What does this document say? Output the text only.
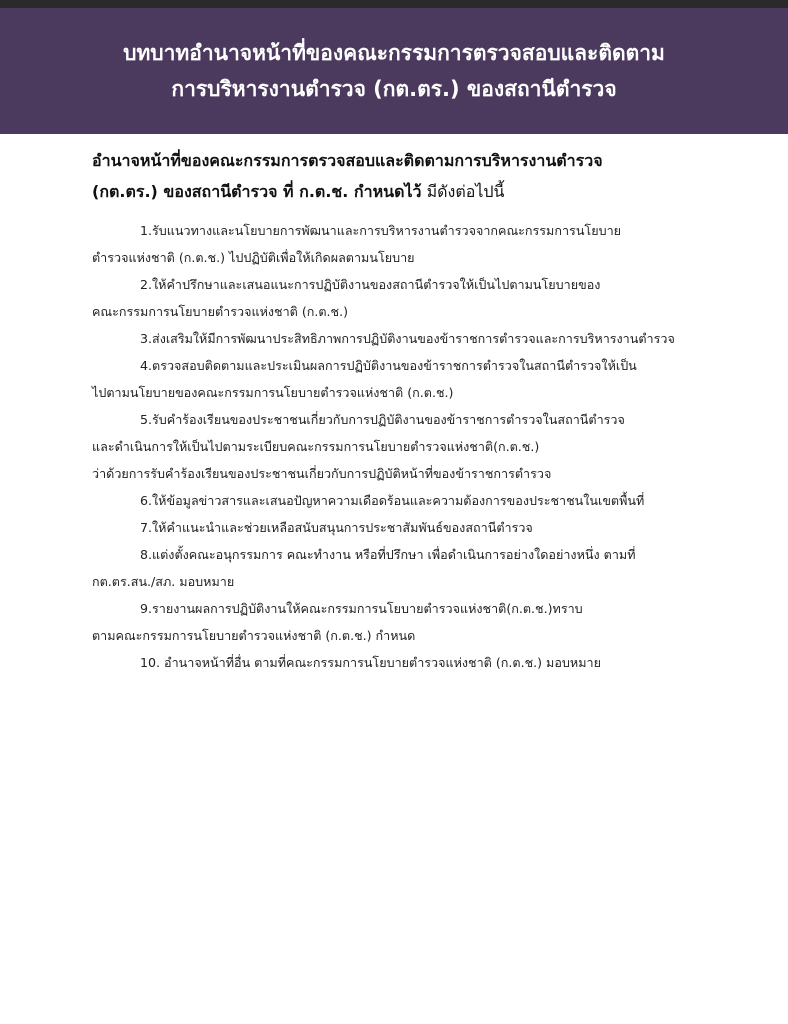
บทบาทอำนาจหน้าที่ของคณะกรรมการตรวจสอบและติดตาม
การบริหารงานตำรวจ (กต.ตร.) ของสถานีตำรวจ
อำนาจหน้าที่ของคณะกรรมการตรวจสอบและติดตามการบริหารงานตำรวจ
(กต.ตร.) ของสถานีตำรวจ ที่ ก.ต.ช. กำหนดไว้ มีดังต่อไปนี้
1.รับแนวทางและนโยบายการพัฒนาและการบริหารงานตำรวจจากคณะกรรมการนโยบาย
ตำรวจแห่งชาติ (ก.ต.ช.) ไปปฏิบัติเพื่อให้เกิดผลตามนโยบาย
2.ให้คำปรึกษาและเสนอแนะการปฏิบัติงานของสถานีตำรวจให้เป็นไปตามนโยบายของ
คณะกรรมการนโยบายตำรวจแห่งชาติ (ก.ต.ช.)
3.ส่งเสริมให้มีการพัฒนาประสิทธิภาพการปฏิบัติงานของข้าราชการตำรวจและการบริหารงานตำรวจ
4.ตรวจสอบติดตามและประเมินผลการปฏิบัติงานของข้าราชการตำรวจในสถานีตำรวจให้เป็น
ไปตามนโยบายของคณะกรรมการนโยบายตำรวจแห่งชาติ (ก.ต.ช.)
5.รับคำร้องเรียนของประชาชนเกี่ยวกับการปฏิบัติงานของข้าราชการตำรวจในสถานีตำรวจ
และดำเนินการให้เป็นไปตามระเบียบคณะกรรมการนโยบายตำรวจแห่งชาติ(ก.ต.ช.)
ว่าด้วยการรับคำร้องเรียนของประชาชนเกี่ยวกับการปฏิบัติหน้าที่ของข้าราชการตำรวจ
6.ให้ข้อมูลข่าวสารและเสนอปัญหาความเดือดร้อนและความต้องการของประชาชนในเขตพื้นที่
7.ให้คำแนะนำและช่วยเหลือสนับสนุนการประชาสัมพันธ์ของสถานีตำรวจ
8.แต่งตั้งคณะอนุกรรมการ คณะทำงาน หรือที่ปรึกษา เพื่อดำเนินการอย่างใดอย่างหนึ่ง ตามที่
กต.ตร.สน./สภ. มอบหมาย
9.รายงานผลการปฏิบัติงานให้คณะกรรมการนโยบายตำรวจแห่งชาติ(ก.ต.ช.)ทราบ
ตามคณะกรรมการนโยบายตำรวจแห่งชาติ (ก.ต.ช.) กำหนด
10. อำนาจหน้าที่อื่น ตามที่คณะกรรมการนโยบายตำรวจแห่งชาติ (ก.ต.ช.) มอบหมาย
